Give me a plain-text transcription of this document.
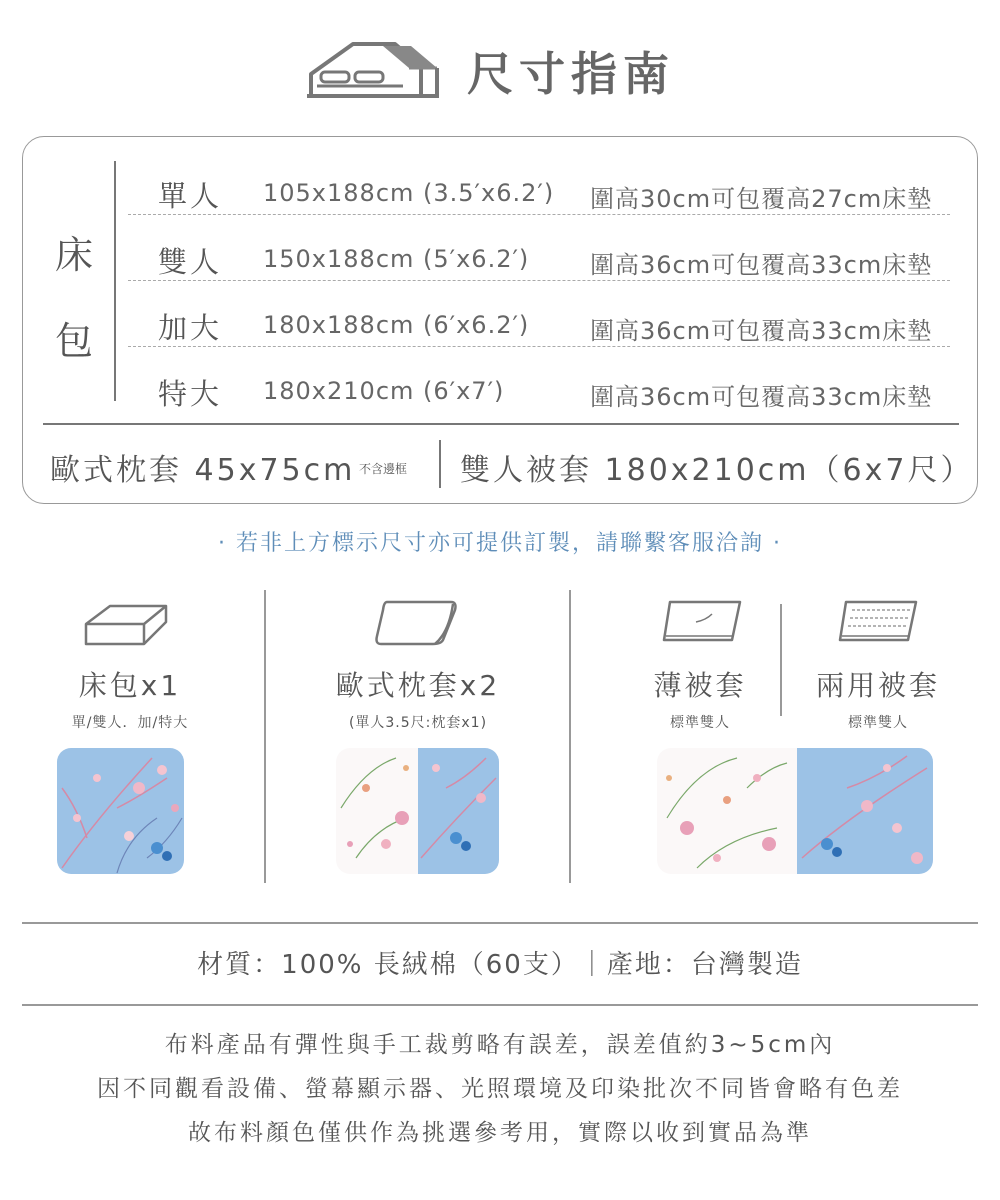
尺寸指南
床
包
單人 105x188cm (3.5′x6.2′) 圍高30cm可包覆高27cm床墊
雙人 150x188cm (5′x6.2′)	圍高36cm可包覆高33cm床墊
加大 180x188cm (6′x6.2′)	圍高36cm可包覆高33cm床墊
特大 180x210cm (6′x7′)	圍高36cm可包覆高33cm床墊
歐式枕套 45x75cm 不含邊框 雙人被套 180x210cm（6x7尺）
· 若非上方標示尺寸亦可提供訂製，請聯繫客服洽詢 ·
床包x1
單/雙人．加/特大
歐式枕套x2
(單人3.5尺:枕套x1)
薄被套
標準雙人
兩用被套
標準雙人
材質：100% 長絨棉（60支）｜產地：台灣製造
布料產品有彈性與手工裁剪略有誤差，誤差值約3~5cm內
因不同觀看設備、螢幕顯示器、光照環境及印染批次不同皆會略有色差
故布料顏色僅供作為挑選參考用，實際以收到實品為準
